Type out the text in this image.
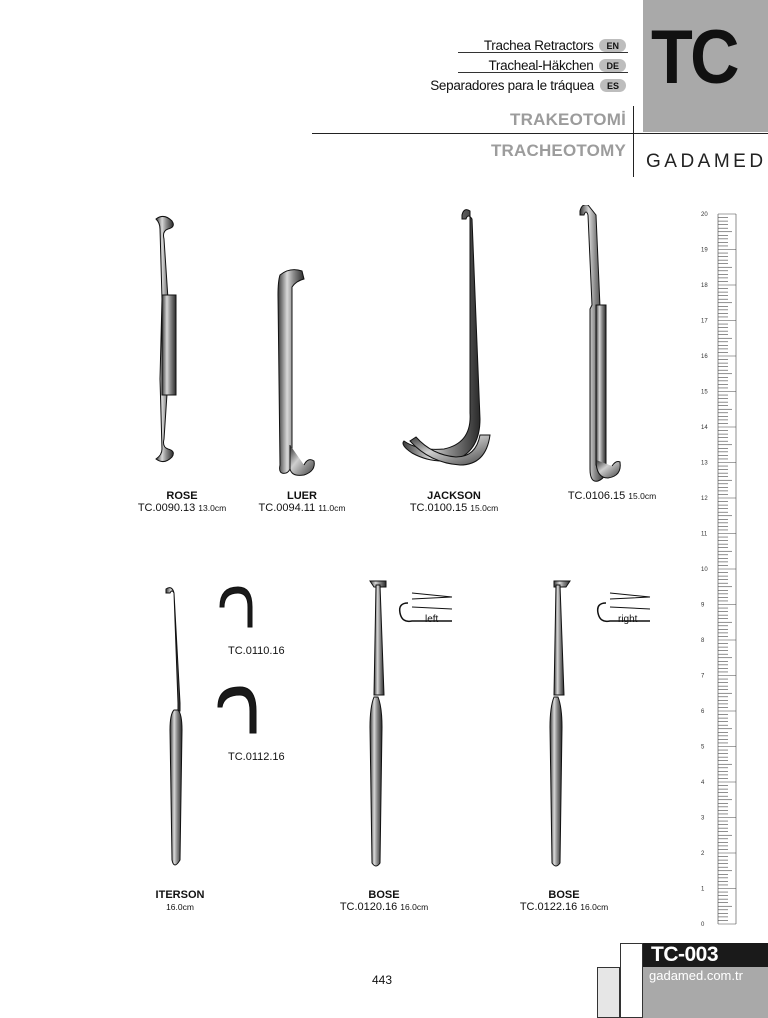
TC
Trachea Retractors	EN
Tracheal-Häkchen	DE
Separadores para le tráquea	ES
TRAKEOTOMİ
TRACHEOTOMY
GADAMED
20
19
18
17
16
15
14
13
12
11
10
9
8
7
6
5
4
3
2
1
0
ROSE
TC.0090.13 13.0cm
LUER
TC.0094.11 11.0cm
JACKSON
TC.0100.15 15.0cm
TC.0106.15 15.0cm
TC.0110.16
TC.0112.16
left	right
ITERSON
16.0cm
BOSE
TC.0120.16 16.0cm
BOSE
TC.0122.16 16.0cm
TC-003
gadamed.com.tr
443
